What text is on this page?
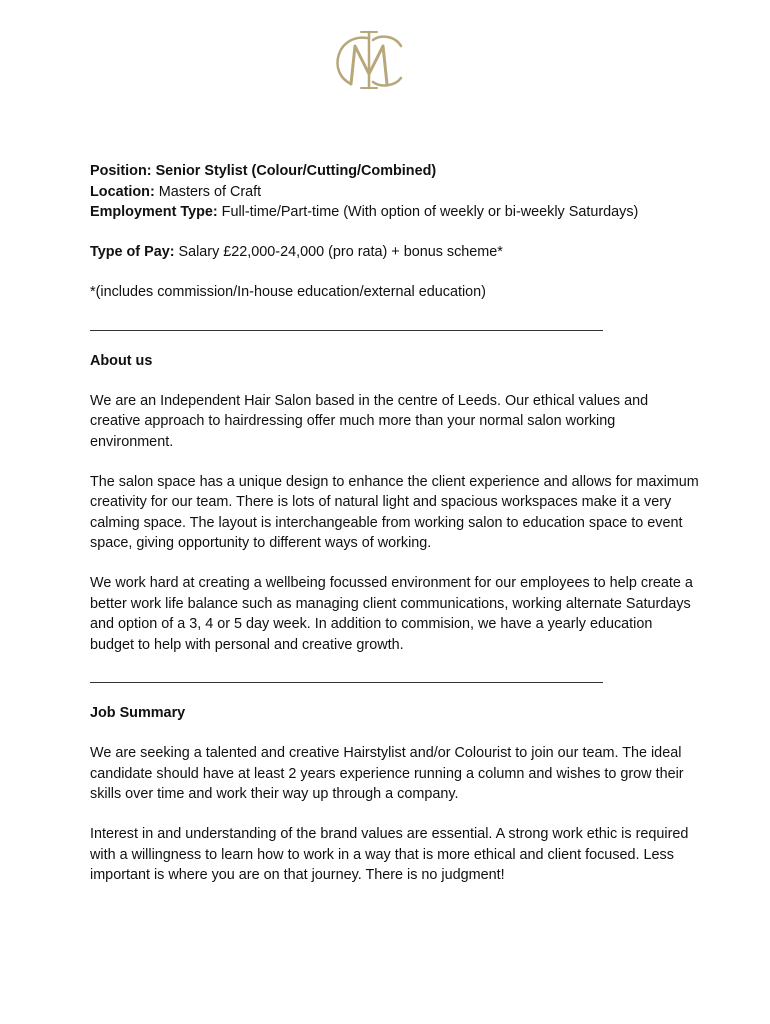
Position: Senior Stylist (Colour/Cutting/Combined)

Location: Masters of Craft

Employment Type: Full-time/Part-time (With option of weekly or bi-weekly Saturdays)

Type of Pay: Salary £22,000-24,000 (pro rata) + bonus scheme*

*(includes commission/In-house education/external education)

About us

We are an Independent Hair Salon based in the centre of Leeds. Our ethical values and creative approach to hairdressing offer much more than your normal salon working environment.

The salon space has a unique design to enhance the client experience and allows for maximum creativity for our team. There is lots of natural light and spacious workspaces make it a very calming space. The layout is interchangeable from working salon to education space to event space, giving opportunity to different ways of working.

We work hard at creating a wellbeing focussed environment for our employees to help create a better work life balance such as managing client communications, working alternate Saturdays and option of a 3, 4 or 5 day week. In addition to commision, we have a yearly education budget to help with personal and creative growth.

Job Summary

We are seeking a talented and creative Hairstylist and/or Colourist to join our team. The ideal candidate should have at least 2 years experience running a column and wishes to grow their skills over time and work their way up through a company.

Interest in and understanding of the brand values are essential. A strong work ethic is required with a willingness to learn how to work in a way that is more ethical and client focused. Less important is where you are on that journey. There is no judgment!
